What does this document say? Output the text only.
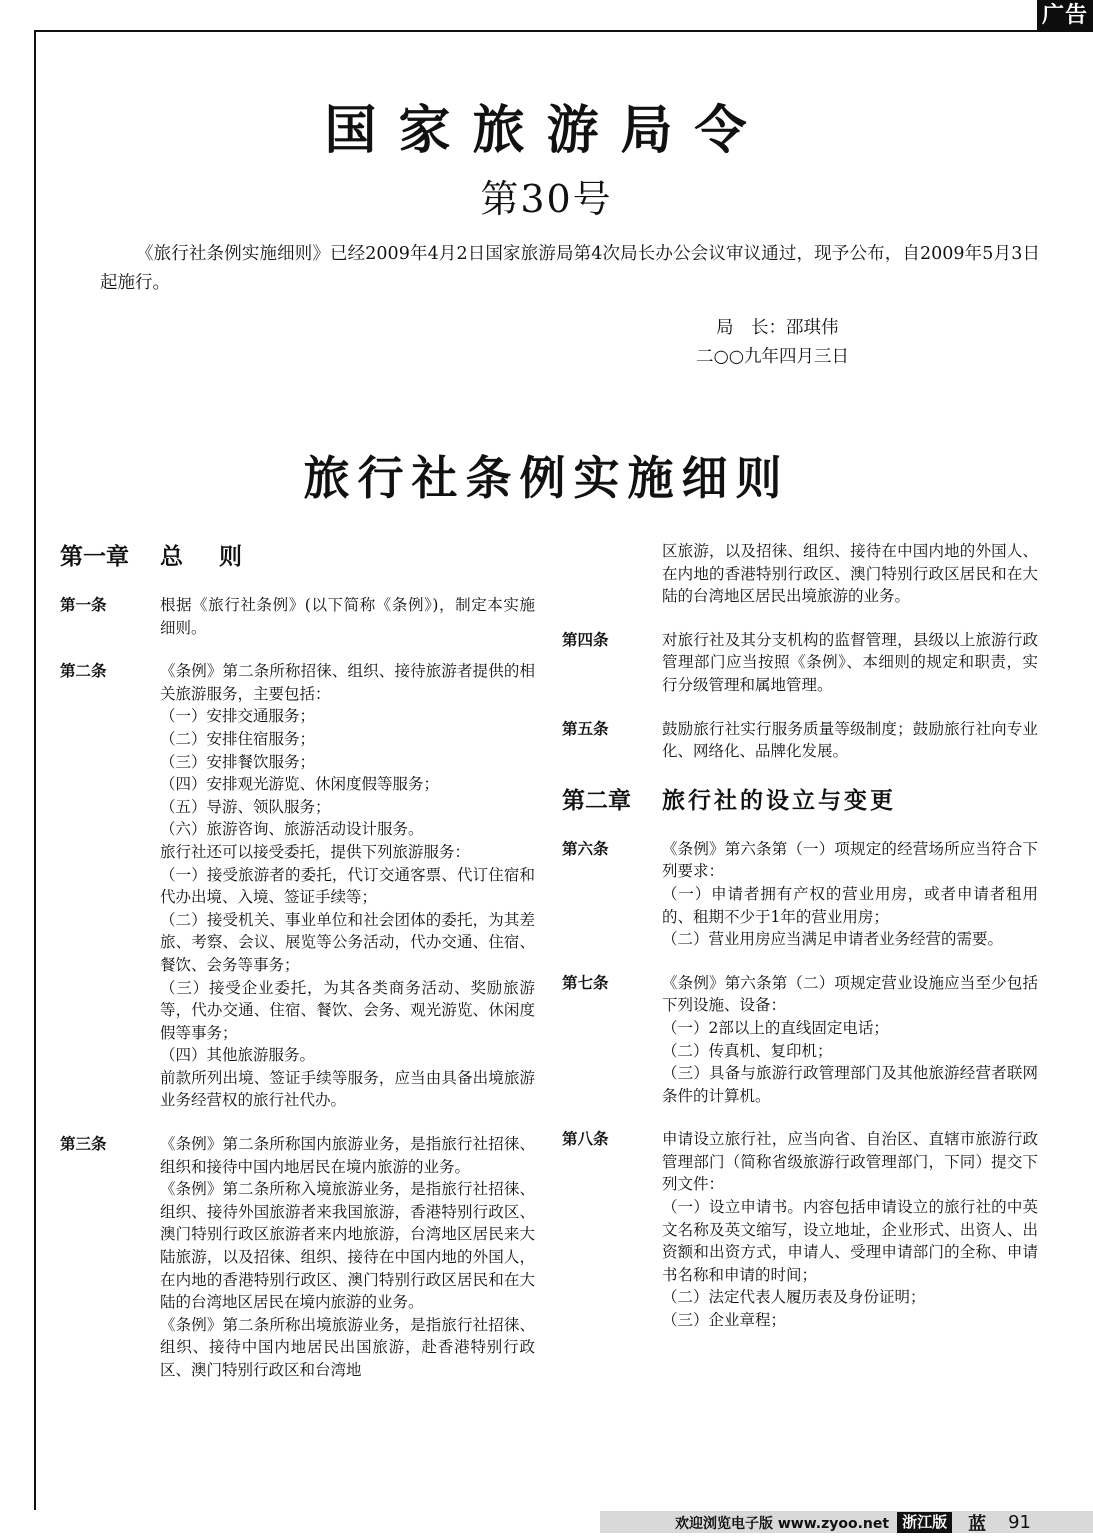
广告
国家旅游局令
第30号
《旅行社条例实施细则》已经2009年4月2日国家旅游局第4次局长办公会议审议通过，现予公布，自2009年5月3日起施行。
局　长：邵琪伟
二○○九年四月三日
旅行社条例实施细则
第一章 总则
第一条	根据《旅行社条例》(以下简称《条例》)，制定本实施细则。

第二条	《条例》第二条所称招徕、组织、接待旅游者提供的相关旅游服务，主要包括：

（一）安排交通服务；

（二）安排住宿服务；

（三）安排餐饮服务；

（四）安排观光游览、休闲度假等服务；

（五）导游、领队服务；

（六）旅游咨询、旅游活动设计服务。

旅行社还可以接受委托，提供下列旅游服务：

（一）接受旅游者的委托，代订交通客票、代订住宿和代办出境、入境、签证手续等；

（二）接受机关、事业单位和社会团体的委托，为其差旅、考察、会议、展览等公务活动，代办交通、住宿、餐饮、会务等事务；

（三）接受企业委托，为其各类商务活动、奖励旅游等，代办交通、住宿、餐饮、会务、观光游览、休闲度假等事务；

（四）其他旅游服务。

前款所列出境、签证手续等服务，应当由具备出境旅游业务经营权的旅行社代办。

第三条	《条例》第二条所称国内旅游业务，是指旅行社招徕、组织和接待中国内地居民在境内旅游的业务。

《条例》第二条所称入境旅游业务，是指旅行社招徕、组织、接待外国旅游者来我国旅游，香港特别行政区、澳门特别行政区旅游者来内地旅游，台湾地区居民来大陆旅游，以及招徕、组织、接待在中国内地的外国人，在内地的香港特别行政区、澳门特别行政区居民和在大陆的台湾地区居民在境内旅游的业务。

《条例》第二条所称出境旅游业务，是指旅行社招徕、组织、接待中国内地居民出国旅游，赴香港特别行政区、澳门特别行政区和台湾地

区旅游，以及招徕、组织、接待在中国内地的外国人、在内地的香港特别行政区、澳门特别行政区居民和在大陆的台湾地区居民出境旅游的业务。

第四条	对旅行社及其分支机构的监督管理，县级以上旅游行政管理部门应当按照《条例》、本细则的规定和职责，实行分级管理和属地管理。

第五条	鼓励旅行社实行服务质量等级制度；鼓励旅行社向专业化、网络化、品牌化发展。

第二章 旅行社的设立与变更
第六条	《条例》第六条第（一）项规定的经营场所应当符合下列要求：

（一）申请者拥有产权的营业用房，或者申请者租用的、租期不少于1年的营业用房；

（二）营业用房应当满足申请者业务经营的需要。

第七条	《条例》第六条第（二）项规定营业设施应当至少包括下列设施、设备：

（一）2部以上的直线固定电话；

（二）传真机、复印机；

（三）具备与旅游行政管理部门及其他旅游经营者联网条件的计算机。

第八条	申请设立旅行社，应当向省、自治区、直辖市旅游行政管理部门（简称省级旅游行政管理部门，下同）提交下列文件：

（一）设立申请书。内容包括申请设立的旅行社的中英文名称及英文缩写，设立地址，企业形式、出资人、出资额和出资方式，申请人、受理申请部门的全称、申请书名称和申请的时间；

（二）法定代表人履历表及身份证明；

（三）企业章程；

欢迎浏览电子版 www.zyoo.net 浙江版 蓝 91
